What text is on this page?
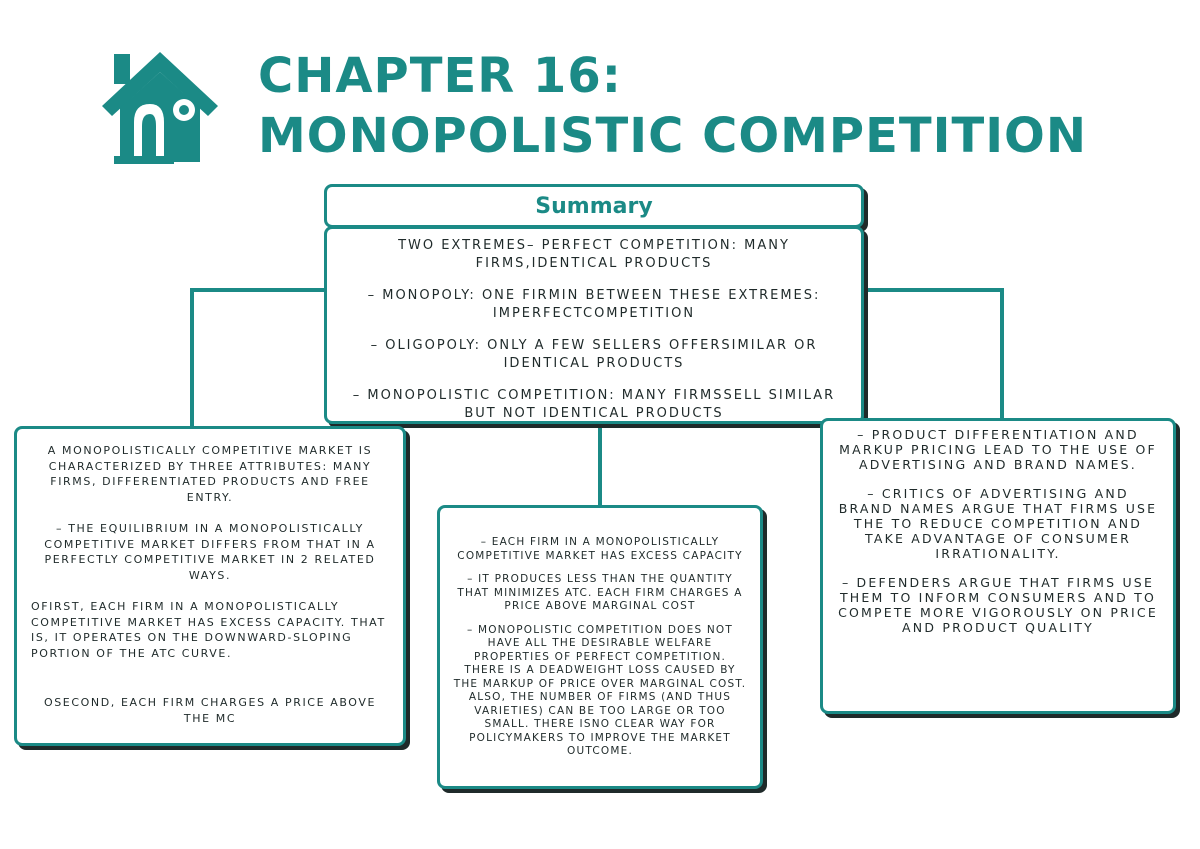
CHAPTER 16:
MONOPOLISTIC COMPETITION
Summary

TWO EXTREMES– PERFECT COMPETITION: MANY FIRMS,IDENTICAL PRODUCTS

– MONOPOLY: ONE FIRMIN BETWEEN THESE EXTREMES: IMPERFECTCOMPETITION

– OLIGOPOLY: ONLY A FEW SELLERS OFFERSIMILAR OR IDENTICAL PRODUCTS

– MONOPOLISTIC COMPETITION: MANY FIRMSSELL SIMILAR BUT NOT IDENTICAL PRODUCTS

A MONOPOLISTICALLY COMPETITIVE MARKET IS CHARACTERIZED BY THREE ATTRIBUTES: MANY FIRMS, DIFFERENTIATED PRODUCTS AND FREE ENTRY.

– THE EQUILIBRIUM IN A MONOPOLISTICALLY COMPETITIVE MARKET DIFFERS FROM THAT IN A PERFECTLY COMPETITIVE MARKET IN 2 RELATED WAYS.

OFIRST, EACH FIRM IN A MONOPOLISTICALLY COMPETITIVE MARKET HAS EXCESS CAPACITY. THAT IS, IT OPERATES ON THE DOWNWARD-SLOPING PORTION OF THE ATC CURVE.

OSECOND, EACH FIRM CHARGES A PRICE ABOVE THE MC

– EACH FIRM IN A MONOPOLISTICALLY COMPETITIVE MARKET HAS EXCESS CAPACITY

– IT PRODUCES LESS THAN THE QUANTITY THAT MINIMIZES ATC. EACH FIRM CHARGES A PRICE ABOVE MARGINAL COST

– MONOPOLISTIC COMPETITION DOES NOT HAVE ALL THE DESIRABLE WELFARE PROPERTIES OF PERFECT COMPETITION. THERE IS A DEADWEIGHT LOSS CAUSED BY THE MARKUP OF PRICE OVER MARGINAL COST. ALSO, THE NUMBER OF FIRMS (AND THUS VARIETIES) CAN BE TOO LARGE OR TOO SMALL. THERE ISNO CLEAR WAY FOR POLICYMAKERS TO IMPROVE THE MARKET OUTCOME.

– PRODUCT DIFFERENTIATION AND MARKUP PRICING LEAD TO THE USE OF ADVERTISING AND BRAND NAMES.

– CRITICS OF ADVERTISING AND BRAND NAMES ARGUE THAT FIRMS USE THE TO REDUCE COMPETITION AND TAKE ADVANTAGE OF CONSUMER IRRATIONALITY.

– DEFENDERS ARGUE THAT FIRMS USE THEM TO INFORM CONSUMERS AND TO COMPETE MORE VIGOROUSLY ON PRICE AND PRODUCT QUALITY
